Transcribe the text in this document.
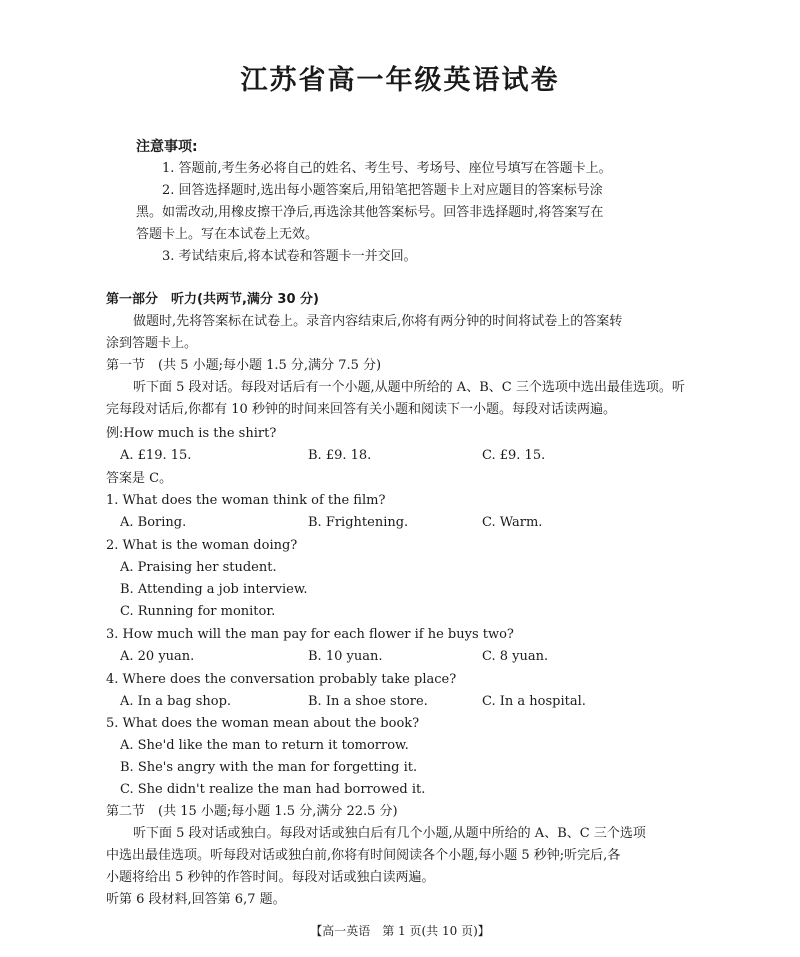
江苏省高一年级英语试卷
注意事项:
1. 答题前,考生务必将自己的姓名、考生号、考场号、座位号填写在答题卡上。
2. 回答选择题时,选出每小题答案后,用铅笔把答题卡上对应题目的答案标号涂
黑。如需改动,用橡皮擦干净后,再选涂其他答案标号。回答非选择题时,将答案写在
答题卡上。写在本试卷上无效。
3. 考试结束后,将本试卷和答题卡一并交回。
第一部分　听力(共两节,满分 30 分)
做题时,先将答案标在试卷上。录音内容结束后,你将有两分钟的时间将试卷上的答案转
涂到答题卡上。
第一节　(共 5 小题;每小题 1.5 分,满分 7.5 分)
听下面 5 段对话。每段对话后有一个小题,从题中所给的 A、B、C 三个选项中选出最佳选项。听
完每段对话后,你都有 10 秒钟的时间来回答有关小题和阅读下一小题。每段对话读两遍。
例:How much is the shirt?
A. £19. 15.	B. £9. 18.	C. £9. 15.
答案是 C。
1. What does the woman think of the film?
A. Boring.	B. Frightening.	C. Warm.
2. What is the woman doing?
A. Praising her student.
B. Attending a job interview.
C. Running for monitor.
3. How much will the man pay for each flower if he buys two?
A. 20 yuan.	B. 10 yuan.	C. 8 yuan.
4. Where does the conversation probably take place?
A. In a bag shop.	B. In a shoe store.	C. In a hospital.
5. What does the woman mean about the book?
A. She'd like the man to return it tomorrow.
B. She's angry with the man for forgetting it.
C. She didn't realize the man had borrowed it.
第二节　(共 15 小题;每小题 1.5 分,满分 22.5 分)
听下面 5 段对话或独白。每段对话或独白后有几个小题,从题中所给的 A、B、C 三个选项
中选出最佳选项。听每段对话或独白前,你将有时间阅读各个小题,每小题 5 秒钟;听完后,各
小题将给出 5 秒钟的作答时间。每段对话或独白读两遍。
听第 6 段材料,回答第 6,7 题。
【高一英语　第 1 页(共 10 页)】
